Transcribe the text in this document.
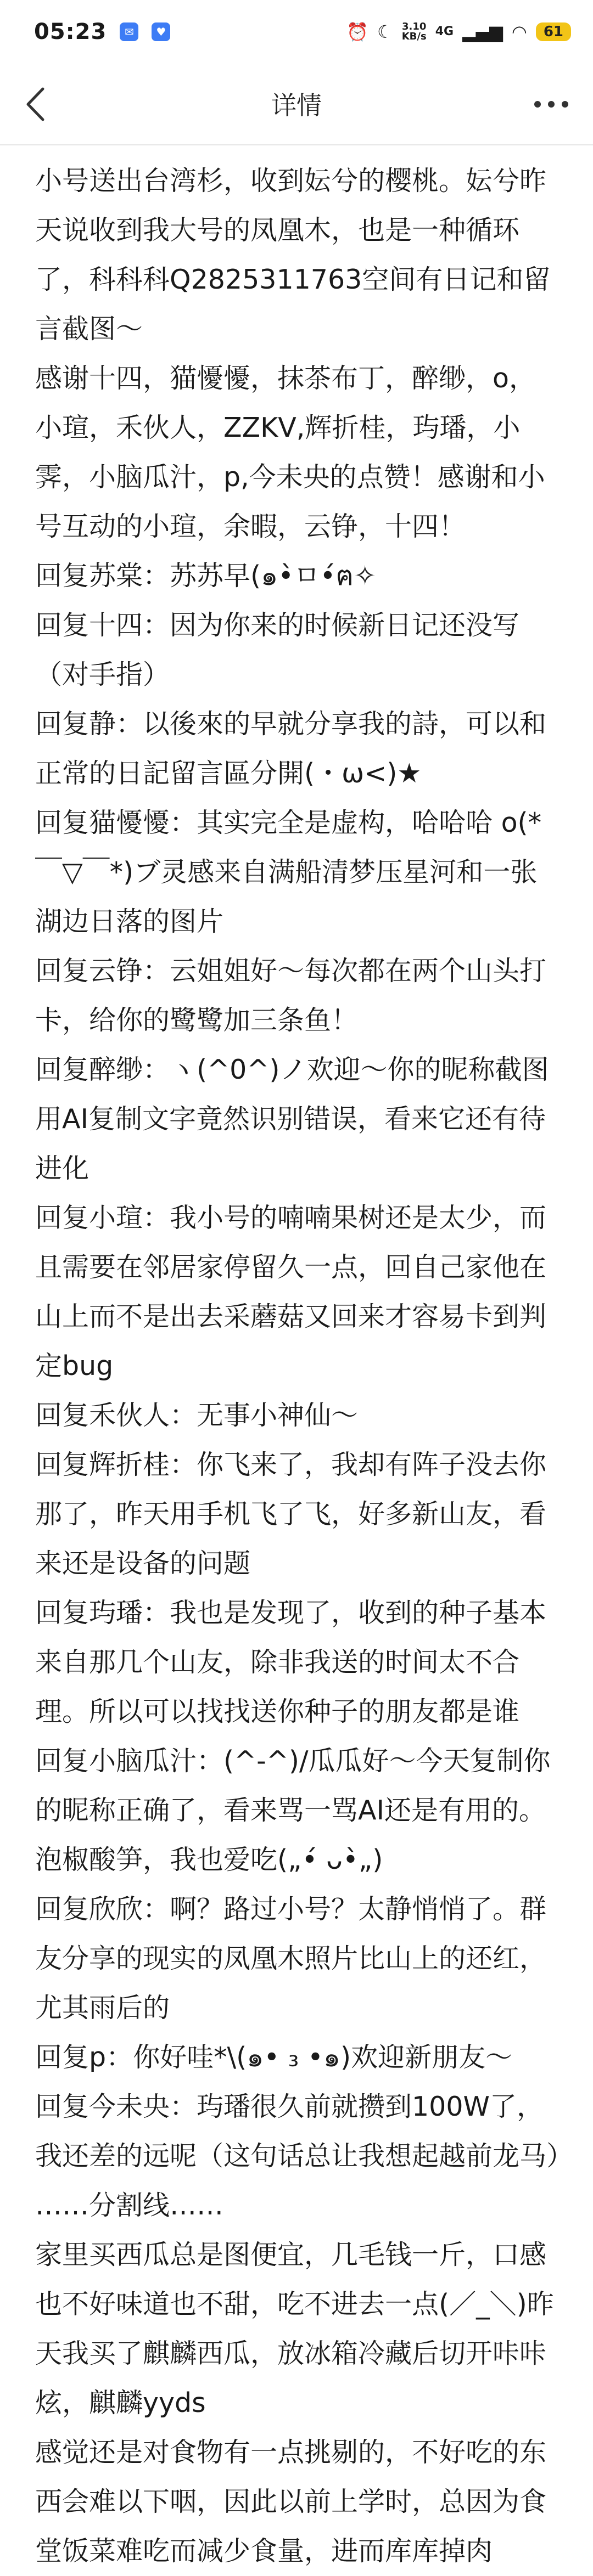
05:23	✉	♥	⏰ ☾ 3.10
KB/s 4G ▂▄▆ ◠	61
详情

小号送出台湾杉，收到妘兮的樱桃。妘兮昨天说收到我大号的凤凰木，也是一种循环了，科科科Q2825311763空间有日记和留言截图～

感谢十四，猫懮懮，抹茶布丁，醉缈，o，小瑄，禾伙人，ZZKV,辉折桂，玙璠，小霁，小脑瓜汁，p,今未央的点赞！感谢和小号互动的小瑄，余暇，云铮，十四！

回复苏棠：苏苏早(๑•̀ㅁ•́ฅ✧

回复十四：因为你来的时候新日记还没写（对手指）

回复静：以後來的早就分享我的詩，可以和正常的日記留言區分開(・ω<)★

回复猫懮懮：其实完全是虚构，哈哈哈 o(*￣▽￣*)ブ灵感来自满船清梦压星河和一张湖边日落的图片

回复云铮：云姐姐好～每次都在两个山头打卡，给你的鹭鹭加三条鱼！

回复醉缈：ヽ(^0^)ノ欢迎～你的昵称截图用AI复制文字竟然识别错误，看来它还有待进化

回复小瑄：我小号的喃喃果树还是太少，而且需要在邻居家停留久一点，回自己家他在山上而不是出去采蘑菇又回来才容易卡到判定bug

回复禾伙人：无事小神仙～

回复辉折桂：你飞来了，我却有阵子没去你那了，昨天用手机飞了飞，好多新山友，看来还是设备的问题

回复玙璠：我也是发现了，收到的种子基本来自那几个山友，除非我送的时间太不合理。所以可以找找送你种子的朋友都是谁

回复小脑瓜汁：(^-^)/瓜瓜好～今天复制你的昵称正确了，看来骂一骂AI还是有用的。泡椒酸笋，我也爱吃(„•́ ᴗ•̀„)

回复欣欣：啊？路过小号？太静悄悄了。群友分享的现实的凤凰木照片比山上的还红，尤其雨后的

回复p：你好哇*\(๑• ₃ •๑)欢迎新朋友～

回复今未央：玙璠很久前就攒到100W了，我还差的远呢（这句话总让我想起越前龙马）

……分割线……

家里买西瓜总是图便宜，几毛钱一斤，口感也不好味道也不甜，吃不进去一点(／_＼)昨天我买了麒麟西瓜，放冰箱冷藏后切开咔咔炫，麒麟yyds

感觉还是对食物有一点挑剔的，不好吃的东西会难以下咽，因此以前上学时，总因为食堂饭菜难吃而减少食量，进而库库掉肉
